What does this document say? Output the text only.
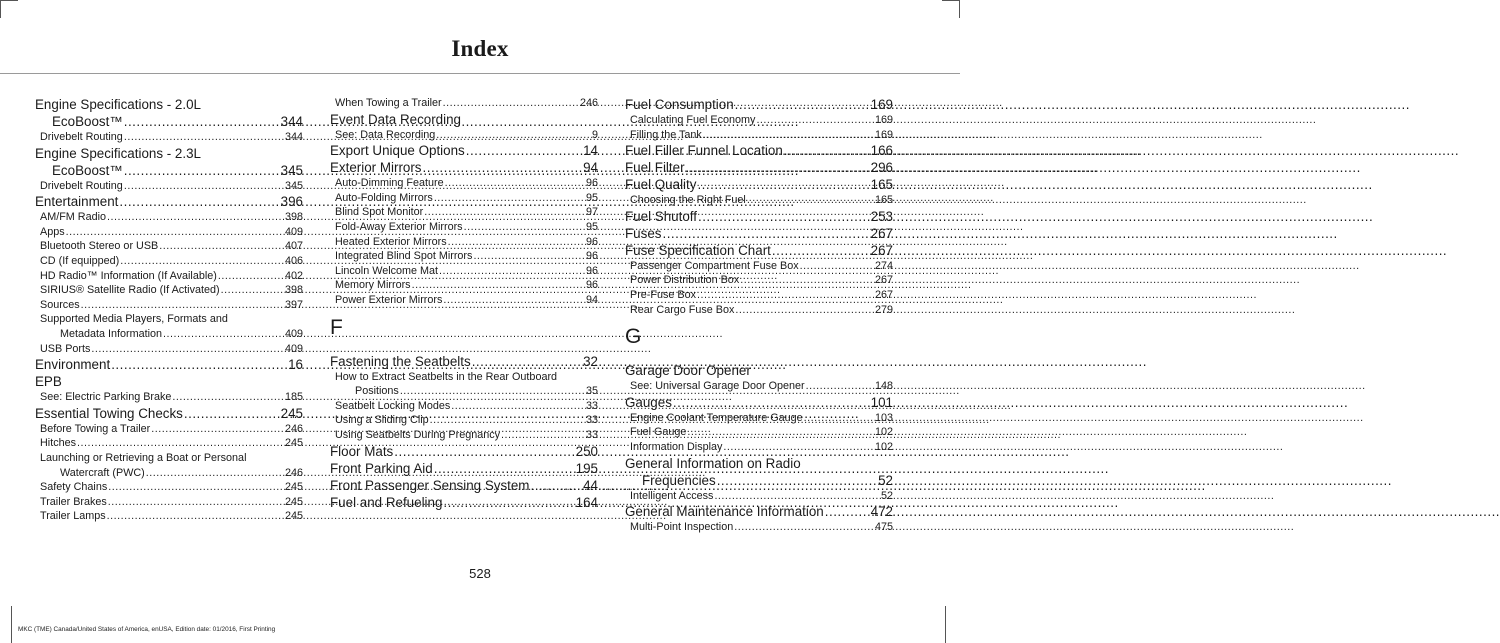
Index
Engine Specifications - 2.0L
EcoBoost™ .....	344
Drivebelt Routing .....	344
Engine Specifications - 2.3L
EcoBoost™ .....	345
Drivebelt Routing .....	345
Entertainment .....	396
AM/FM Radio .....	398
Apps .....	409
Bluetooth Stereo or USB .....	407
CD (If equipped) .....	406
HD Radio™ Information (If Available) .....	402
SIRIUS® Satellite Radio (If Activated) .....	398
Sources .....	397
Supported Media Players, Formats and
Metadata Information .....	409
USB Ports .....	409
Environment .....	16
EPB
See: Electric Parking Brake .....	185
Essential Towing Checks .....	245
Before Towing a Trailer .....	246
Hitches .....	245
Launching or Retrieving a Boat or Personal
Watercraft (PWC) .....	246
Safety Chains .....	245
Trailer Brakes .....	245
Trailer Lamps .....	245
When Towing a Trailer .....	246
Event Data Recording
See: Data Recording .....	9
Export Unique Options .....	14
Exterior Mirrors .....	94
Auto-Dimming Feature .....	96
Auto-Folding Mirrors .....	95
Blind Spot Monitor .....	97
Fold-Away Exterior Mirrors .....	95
Heated Exterior Mirrors .....	96
Integrated Blind Spot Mirrors .....	96
Lincoln Welcome Mat .....	96
Memory Mirrors .....	96
Power Exterior Mirrors .....	94
F
Fastening the Seatbelts .....	32
How to Extract Seatbelts in the Rear Outboard
Positions .....	35
Seatbelt Locking Modes .....	33
Using a Sliding Clip .....	33
Using Seatbelts During Pregnancy .....	33
Floor Mats .....	250
Front Parking Aid .....	195
Front Passenger Sensing System .....	44
Fuel and Refueling .....	164
Fuel Consumption .....	169
Calculating Fuel Economy .....	169
Filling the Tank .....	169
Fuel Filler Funnel Location .....	166
Fuel Filter .....	296
Fuel Quality .....	165
Choosing the Right Fuel .....	165
Fuel Shutoff .....	253
Fuses .....	267
Fuse Specification Chart .....	267
Passenger Compartment Fuse Box .....	274
Power Distribution Box .....	267
Pre-Fuse Box .....	267
Rear Cargo Fuse Box .....	279
G
Garage Door Opener
See: Universal Garage Door Opener .....	148
Gauges .....	101
Engine Coolant Temperature Gauge .....	103
Fuel Gauge .....	102
Information Display .....	102
General Information on Radio
Frequencies .....	52
Intelligent Access .....	52
General Maintenance Information .....	472
Multi-Point Inspection .....	475
528
MKC (TME) Canada/United States of America, enUSA, Edition date: 01/2016, First Printing
